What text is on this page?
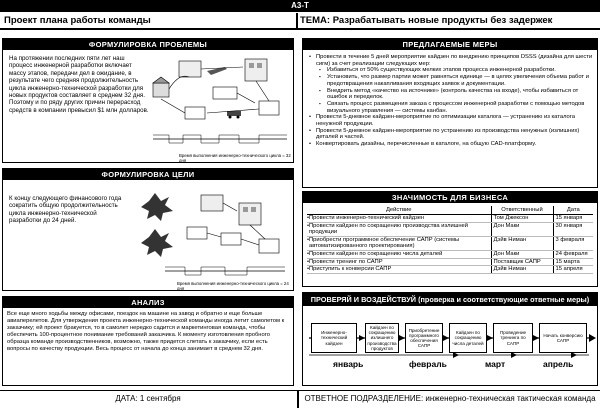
А3-Т
Проект плана работы команды	ТЕМА: Разрабатывать новые продукты без задержек
ФОРМУЛИРОВКА ПРОБЛЕМЫ
На протяжении последних пяти лет наш процесс инженерной разработки включает массу этапов, передачи дел в ожидание, в результате чего средняя продолжительность цикла инженерно-технической разработки для новых продуктов составляет в среднем 32 дня. Поэтому и по ряду других причин перерасход средств в компании превысил $1 млн долларов.
Время выполнения инженерно-технического цикла = 32 дня
ФОРМУЛИРОВКА ЦЕЛИ
К концу следующего финансового года сократить общую продолжительность цикла инженерно-технической разработки до 24 дней.
Время выполнения инженерно-технического цикла = 24 дня
АНАЛИЗ
Все еще много ходьбы между офисами, поездок на машине на завод и обратно и еще больше авиаперелетов. Для утверждения проекта инженерно-технической команды иногда летит самолетом к заказчику; ей проект бракуется, то в самолет нередко садится и маркетинговая команда, чтобы обеспечить 100-процентное понимание требований заказчика. К моменту изготовления пробного образца команде производственников, возможно, также придется слетать к заказчику, если есть вопросы по качеству продукции. Весь процесс от начала до конца занимает в среднем 32 дня.
ПРЕДЛАГАЕМЫЕ МЕРЫ
• Провести в течение 5 дней мероприятие кайдзен по внедрению принципов DSSS (дизайна для шести сигм) за счет реализации следующих мер:
▪ Избавиться от 50% существующих мелких этапов процесса инженерной разработки.
▪ Установить, что размер партии может равняться единице — в целях увеличения объема работ и предотвращения накапливания входящих заявок и документации.
▪ Внедрить метод «качество на источнике» (контроль качества на входе), чтобы избавиться от ошибок и переделок.
▪ Связать процесс размещения заказа с процессом инженерной разработки с помощью методов визуального управления — системы канбан.
• Провести 5-дневное кайдзен-мероприятие по оптимизации каталога — устранению из каталога ненужной продукции.
• Провести 5-дневное кайдзен-мероприятие по устранению из производства ненужных (излишних) деталей и частей.
• Конвертировать дизайны, перечисленные в каталоге, на общую САD-платформу.
ЗНАЧИМОСТЬ ДЛЯ БИЗНЕСА
Действие	Ответственный	Дата
• Провести инженерно-технический кайдзен	Том Джексон	15 января
• Провести кайдзен по сокращению производства излишней продукции	Дон Маки	30 января
• Приобрести программное обеспечение САПР (системы автоматизированного проектирования)	Дэйв Ниман	3 февраля
• Провести кайдзен по сокращению числа деталей	Дон Маки	24 февраля
• Провести тренинг по САПР	Поставщик САПР	15 марта
• Приступить к конверсии САПР	Дэйв Ниман	15 апреля
ПРОВЕРЯЙ И ВОЗДЕЙСТВУЙ (проверка и соответствующие ответные меры)
Инженерно-технический кайдзен
Кайдзен по сокращению излишнего производства продуктов
Приобретение программного обеспечения САПР
Кайдзен по сокращению числа деталей
Проведение тренинга по САПР
Начать конверсию САПР
январь	февраль	март	апрель
ДАТА: 1 сентября	ОТВЕТНОЕ ПОДРАЗДЕЛЕНИЕ: инженерно-техническая тактическая команда
